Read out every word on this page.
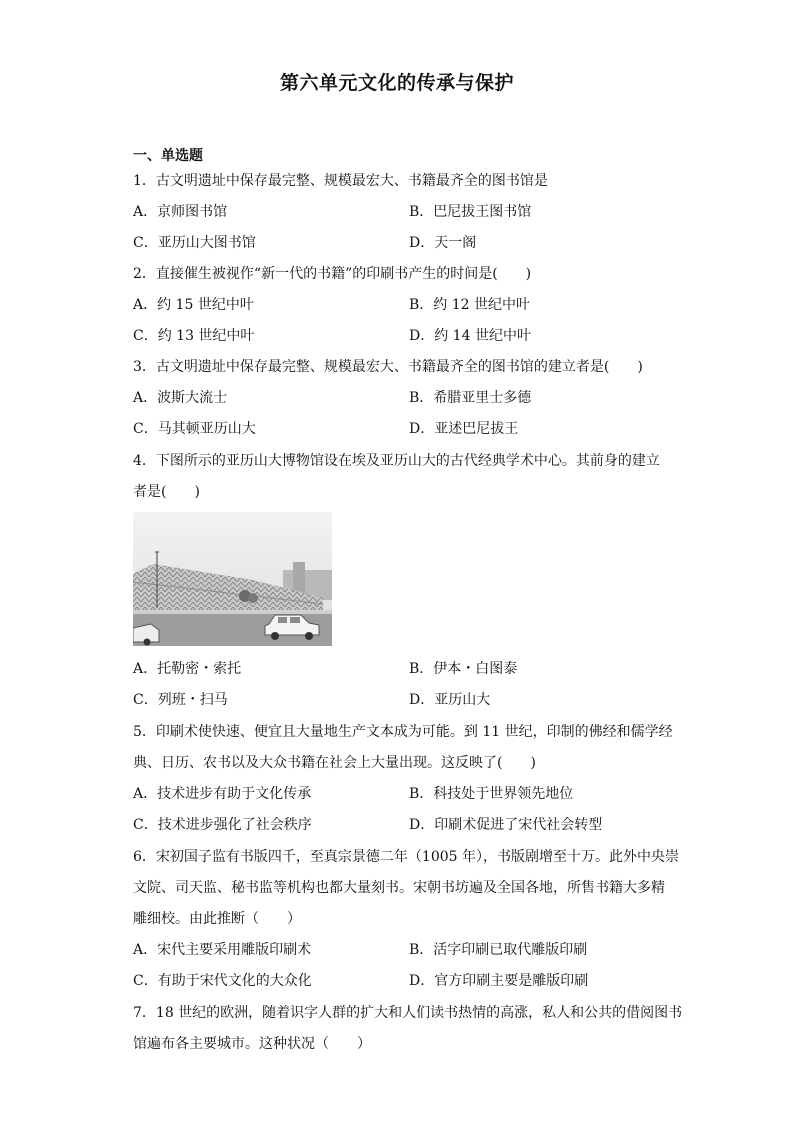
第六单元文化的传承与保护
一、单选题
1．古文明遗址中保存最完整、规模最宏大、书籍最齐全的图书馆是
A．京师图书馆	B．巴尼拔王图书馆
C．亚历山大图书馆	D．天一阁
2．直接催生被视作“新一代的书籍”的印刷书产生的时间是(　　)
A．约 15 世纪中叶	B．约 12 世纪中叶
C．约 13 世纪中叶	D．约 14 世纪中叶
3．古文明遗址中保存最完整、规模最宏大、书籍最齐全的图书馆的建立者是(　　)
A．波斯大流士	B．希腊亚里士多德
C．马其顿亚历山大	D．亚述巴尼拔王
4．下图所示的亚历山大博物馆设在埃及亚历山大的古代经典学术中心。其前身的建立
者是(　　)
A．托勒密・索托	B．伊本・白图泰
C．列班・扫马	D．亚历山大
5．印刷术使快速、便宜且大量地生产文本成为可能。到 11 世纪，印制的佛经和儒学经
典、日历、农书以及大众书籍在社会上大量出现。这反映了(　　)
A．技术进步有助于文化传承	B．科技处于世界领先地位
C．技术进步强化了社会秩序	D．印刷术促进了宋代社会转型
6．宋初国子监有书版四千，至真宗景德二年（1005 年），书版剧增至十万。此外中央崇
文院、司天监、秘书监等机构也都大量刻书。宋朝书坊遍及全国各地，所售书籍大多精
雕细校。由此推断（　　）
A．宋代主要采用雕版印刷术	B．活字印刷已取代雕版印刷
C．有助于宋代文化的大众化	D．官方印刷主要是雕版印刷
7．18 世纪的欧洲，随着识字人群的扩大和人们读书热情的高涨，私人和公共的借阅图书
馆遍布各主要城市。这种状况（　　）
